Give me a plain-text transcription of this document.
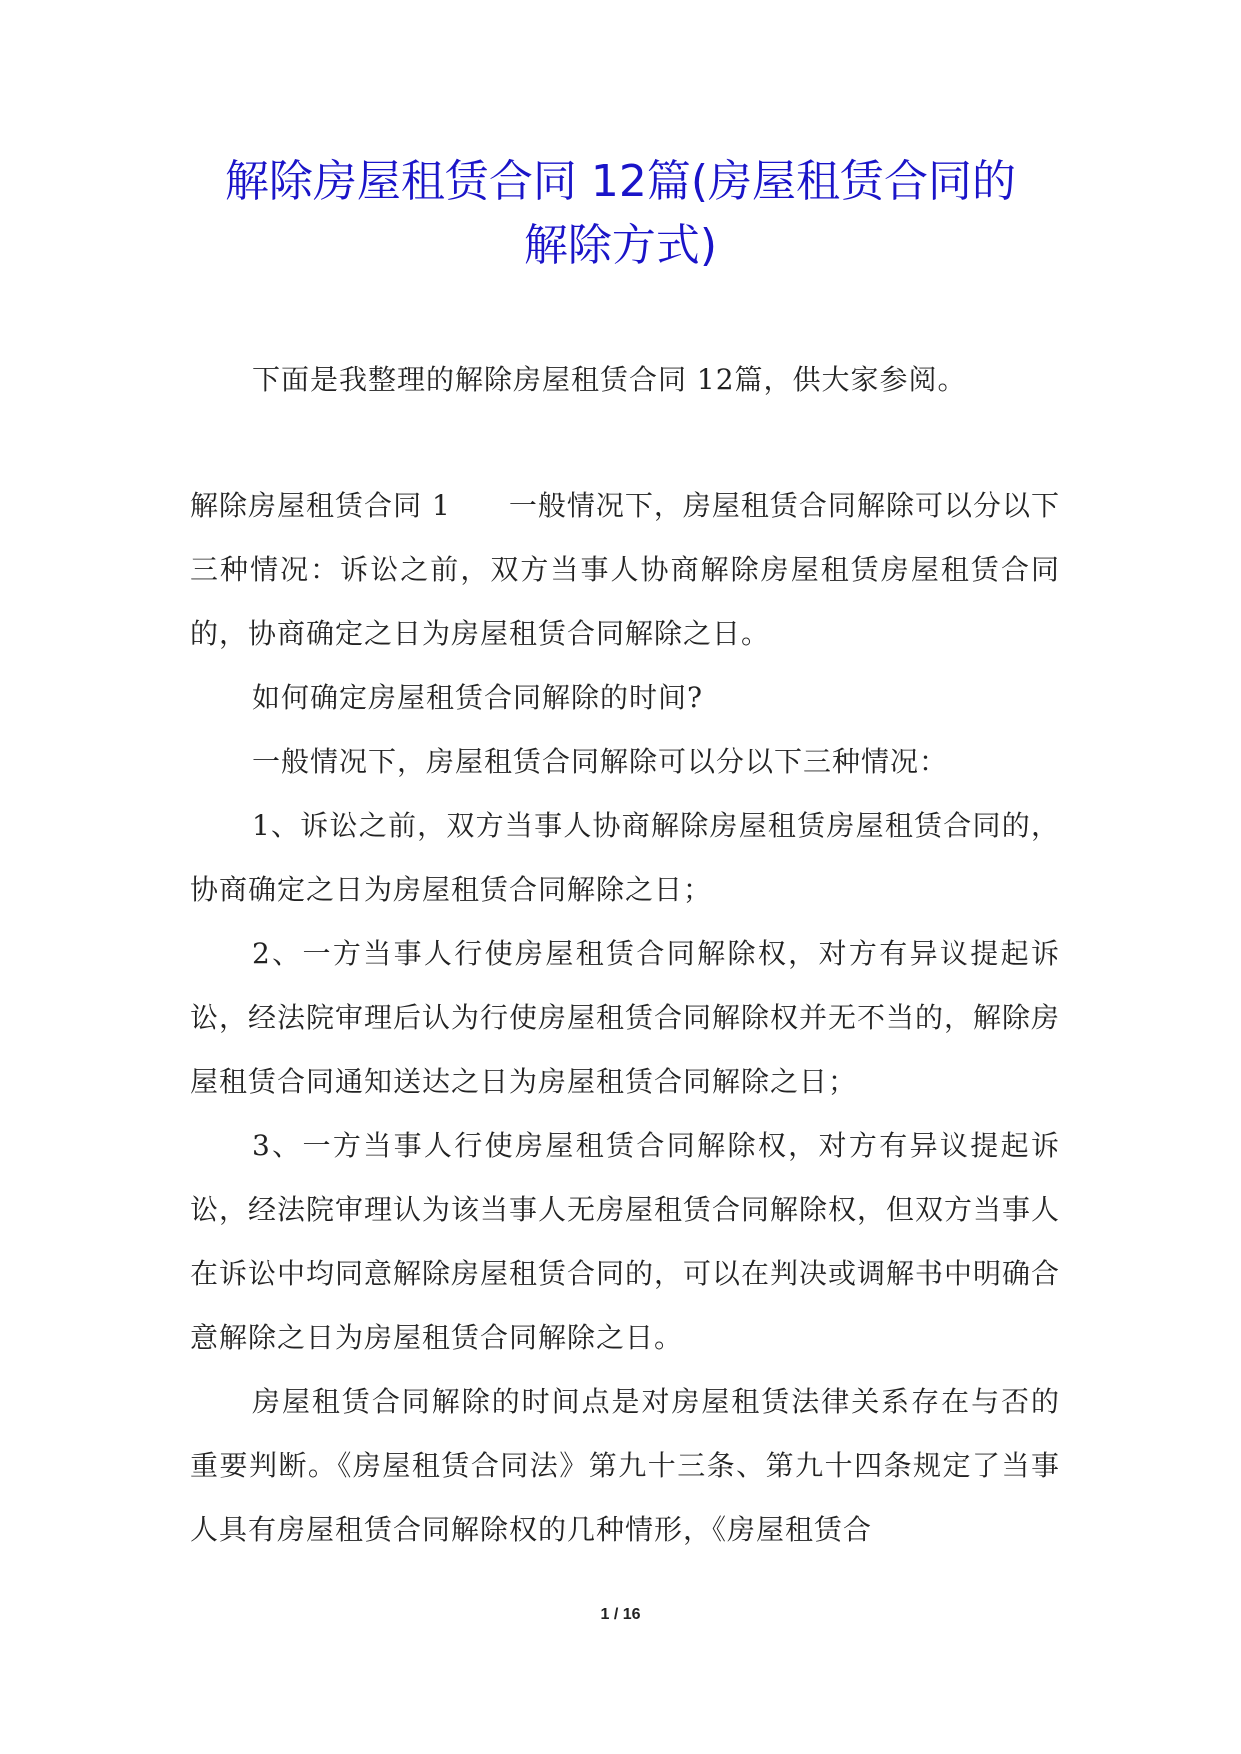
解除房屋租赁合同 12篇(房屋租赁合同的
解除方式)

下面是我整理的解除房屋租赁合同 12篇，供大家参阅。

解除房屋租赁合同 1　　一般情况下，房屋租赁合同解除可以分以下三种情况：诉讼之前，双方当事人协商解除房屋租赁房屋租赁合同的，协商确定之日为房屋租赁合同解除之日。

如何确定房屋租赁合同解除的时间?

一般情况下，房屋租赁合同解除可以分以下三种情况：

1、诉讼之前，双方当事人协商解除房屋租赁房屋租赁合同的，协商确定之日为房屋租赁合同解除之日；

2、一方当事人行使房屋租赁合同解除权，对方有异议提起诉讼，经法院审理后认为行使房屋租赁合同解除权并无不当的，解除房屋租赁合同通知送达之日为房屋租赁合同解除之日；

3、一方当事人行使房屋租赁合同解除权，对方有异议提起诉讼，经法院审理认为该当事人无房屋租赁合同解除权，但双方当事人在诉讼中均同意解除房屋租赁合同的，可以在判决或调解书中明确合意解除之日为房屋租赁合同解除之日。

房屋租赁合同解除的时间点是对房屋租赁法律关系存在与否的重要判断。《房屋租赁合同法》第九十三条、第九十四条规定了当事人具有房屋租赁合同解除权的几种情形，《房屋租赁合

1 / 16
